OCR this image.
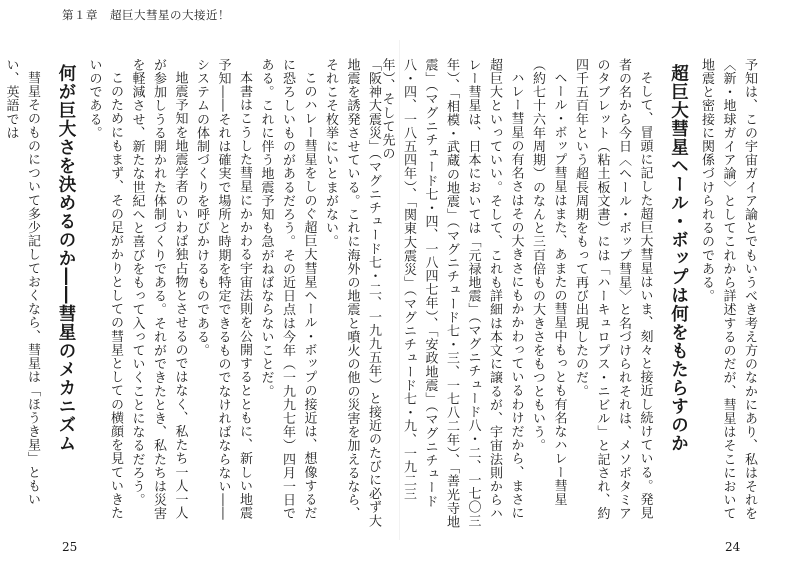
第１章　超巨大彗星の大接近！

「阪神大震災」（マグニチュード七・二、一九九五年）と接近のたびに必ず大地震を誘発させている。これに海外の地震と噴火の他の災害を加えるなら、それこそ枚挙にいとまがない。

このハレー彗星をしのぐ超巨大彗星ヘール・ボップの接近は、想像するだに恐ろしいものがあるだろう。その近日点は今年（一九九七年）四月一日である。これに伴う地震予知も急がねばならないことだ。

本書はこうした彗星にかかわる宇宙法則を公開するとともに、新しい地震予知――それは確実で場所と時期を特定できるものでなければならない――システムの体制づくりを呼びかけるものである。

地震予知を地震学者のいわば独占物とさせるのではなく、私たち一人一人が参加しうる開かれた体制づくりである。それができたとき、私たちは災害を軽減させ、新たな世紀へと喜びをもって入っていくことになるだろう。

このためにもまず、その足がかりとしての彗星としての横顔を見ていきたいのである。

何が巨大さを決めるのか――彗星のメカニズム

彗星そのものについて多少記しておくなら、彗星は「ほうき星」ともいい、英語では	予知は、この宇宙ガイア論とでもいうべき考え方のなかにあり、私はそれを〈新・地球ガイア論〉としてこれから詳述するのだが、彗星はそこにおいて地震と密接に関係づけられるのである。

超巨大彗星ヘール・ボップは何をもたらすのか

そして、冒頭に記した超巨大彗星はいま、刻々と接近し続けている。発見者の名から今日〈ヘール・ボップ彗星〉と名づけられそれは、メソポタミアのタブレット（粘土板文書）には「ハーキュロプス・ニビル」と記され、約四千五百年という超長周期をもって再び出現したのだ。

ヘール・ボップ彗星はまた、あまたの彗星中もっとも有名なハレー彗星（約七十六年周期）のなんと三百倍もの大きさをもつともいう。

ハレー彗星の有名さはその大きさにもかかわっているわけだから、まさに超巨大といっていい。そして、これも詳細は本文に譲るが、宇宙法則からハレー彗星は、日本においては「元禄地震」（マグニチュード八・二、一七〇三年）、「相模・武蔵の地震」（マグニチュード七・三、一七八二年）、「善光寺地震」（マグニチュード七・四、一八四七年）、「安政地震」（マグニチュード八・四、一八五四年）、「関東大震災」（マグニチュード七・九、一九二三年）、そして先の

25	24
